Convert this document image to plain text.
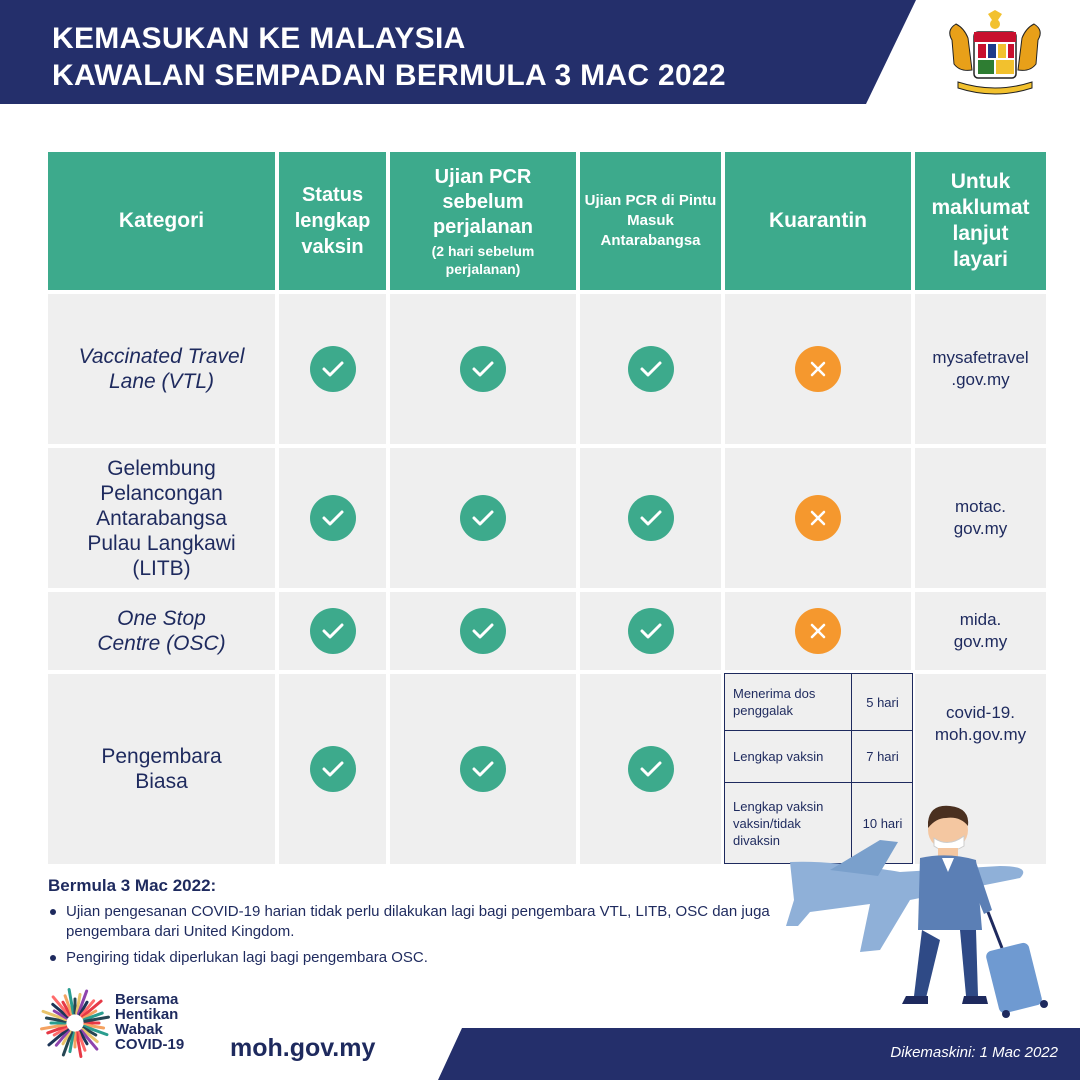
KEMASUKAN KE MALAYSIA
KAWALAN SEMPADAN BERMULA 3 MAC 2022
Kategori
Status lengkap vaksin
Ujian PCR sebelum perjalanan
(2 hari sebelum perjalanan)
Ujian PCR di Pintu Masuk Antarabangsa
Kuarantin
Untuk maklumat lanjut layari
Vaccinated Travel Lane (VTL)
mysafetravel .gov.my
Gelembung Pelancongan Antarabangsa Pulau Langkawi (LITB)
motac. gov.my
One Stop Centre (OSC)
mida. gov.my
Pengembara Biasa
covid-19. moh.gov.my
Menerima dos penggalak
5 hari
Lengkap vaksin	7 hari
Lengkap vaksin vaksin/tidak divaksin
10 hari
Bermula 3 Mac 2022:
Ujian pengesanan COVID-19 harian tidak perlu dilakukan lagi bagi pengembara VTL, LITB, OSC dan juga pengembara dari United Kingdom.
Pengiring tidak diperlukan lagi bagi pengembara OSC.
Bersama
Hentikan
Wabak
COVID-19 moh.gov.my	Dikemaskini: 1 Mac 2022
